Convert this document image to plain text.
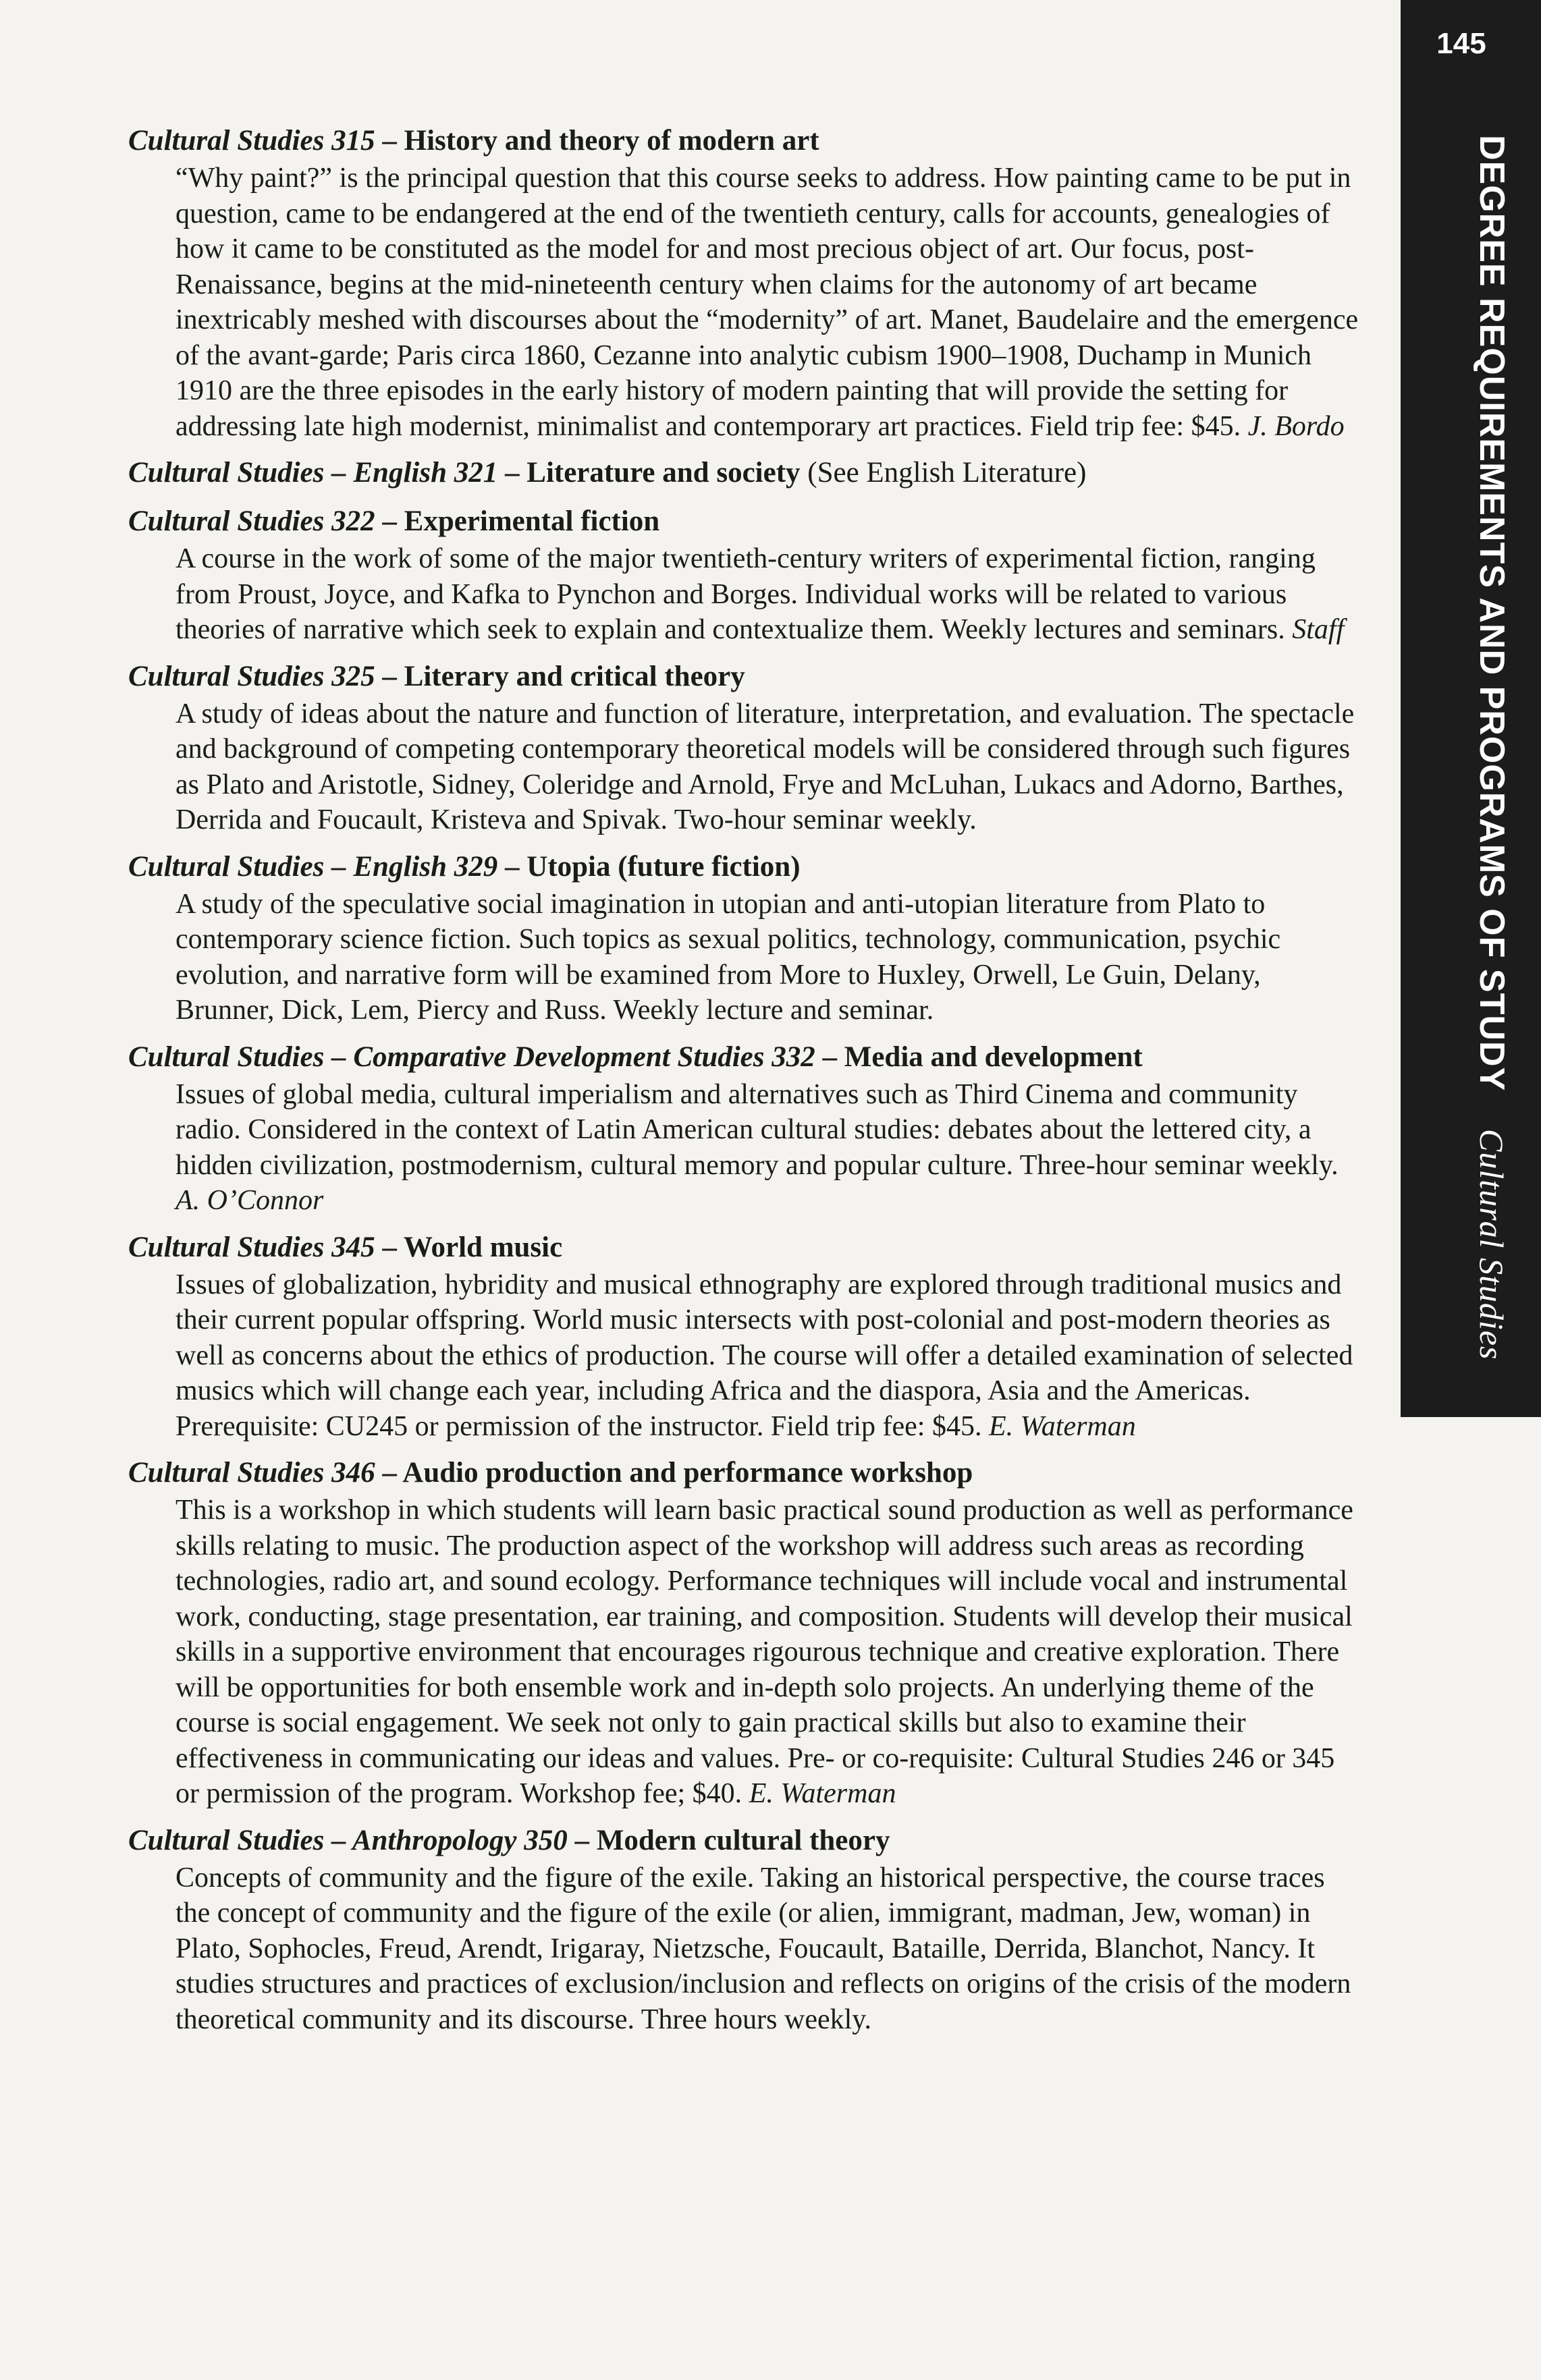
145
DEGREE REQUIREMENTS AND PROGRAMS OF STUDY Cultural Studies
Cultural Studies 315 – History and theory of modern art
“Why paint?” is the principal question that this course seeks to address. How painting came to be put in question, came to be endangered at the end of the twentieth century, calls for accounts, genealogies of how it came to be constituted as the model for and most precious object of art. Our focus, post-Renaissance, begins at the mid-nineteenth century when claims for the autonomy of art became inextricably meshed with discourses about the “modernity” of art. Manet, Baudelaire and the emergence of the avant-garde; Paris circa 1860, Cezanne into analytic cubism 1900–1908, Duchamp in Munich 1910 are the three episodes in the early history of modern painting that will provide the setting for addressing late high modernist, minimalist and contemporary art practices. Field trip fee: $45. J. Bordo
Cultural Studies – English 321 – Literature and society (See English Literature)
Cultural Studies 322 – Experimental fiction
A course in the work of some of the major twentieth-century writers of experimental fiction, ranging from Proust, Joyce, and Kafka to Pynchon and Borges. Individual works will be related to various theories of narrative which seek to explain and contextualize them. Weekly lectures and seminars. Staff
Cultural Studies 325 – Literary and critical theory
A study of ideas about the nature and function of literature, interpretation, and evaluation. The spectacle and background of competing contemporary theoretical models will be considered through such figures as Plato and Aristotle, Sidney, Coleridge and Arnold, Frye and McLuhan, Lukacs and Adorno, Barthes, Derrida and Foucault, Kristeva and Spivak. Two-hour seminar weekly.
Cultural Studies – English 329 – Utopia (future fiction)
A study of the speculative social imagination in utopian and anti-utopian literature from Plato to contemporary science fiction. Such topics as sexual politics, technology, communication, psychic evolution, and narrative form will be examined from More to Huxley, Orwell, Le Guin, Delany, Brunner, Dick, Lem, Piercy and Russ. Weekly lecture and seminar.
Cultural Studies – Comparative Development Studies 332 – Media and development
Issues of global media, cultural imperialism and alternatives such as Third Cinema and community radio. Considered in the context of Latin American cultural studies: debates about the lettered city, a hidden civilization, postmodernism, cultural memory and popular culture. Three-hour seminar weekly. A. O’Connor
Cultural Studies 345 – World music
Issues of globalization, hybridity and musical ethnography are explored through traditional musics and their current popular offspring. World music intersects with post-colonial and post-modern theories as well as concerns about the ethics of production. The course will offer a detailed examination of selected musics which will change each year, including Africa and the diaspora, Asia and the Americas. Prerequisite: CU245 or permission of the instructor. Field trip fee: $45. E. Waterman
Cultural Studies 346 – Audio production and performance workshop
This is a workshop in which students will learn basic practical sound production as well as performance skills relating to music. The production aspect of the workshop will address such areas as recording technologies, radio art, and sound ecology. Performance techniques will include vocal and instrumental work, conducting, stage presentation, ear training, and composition. Students will develop their musical skills in a supportive environment that encourages rigourous technique and creative exploration. There will be opportunities for both ensemble work and in-depth solo projects. An underlying theme of the course is social engagement. We seek not only to gain practical skills but also to examine their effectiveness in communicating our ideas and values. Pre- or co-requisite: Cultural Studies 246 or 345 or permission of the program. Workshop fee; $40. E. Waterman
Cultural Studies – Anthropology 350 – Modern cultural theory
Concepts of community and the figure of the exile. Taking an historical perspective, the course traces the concept of community and the figure of the exile (or alien, immigrant, madman, Jew, woman) in Plato, Sophocles, Freud, Arendt, Irigaray, Nietzsche, Foucault, Bataille, Derrida, Blanchot, Nancy. It studies structures and practices of exclusion/inclusion and reflects on origins of the crisis of the modern theoretical community and its discourse. Three hours weekly.
